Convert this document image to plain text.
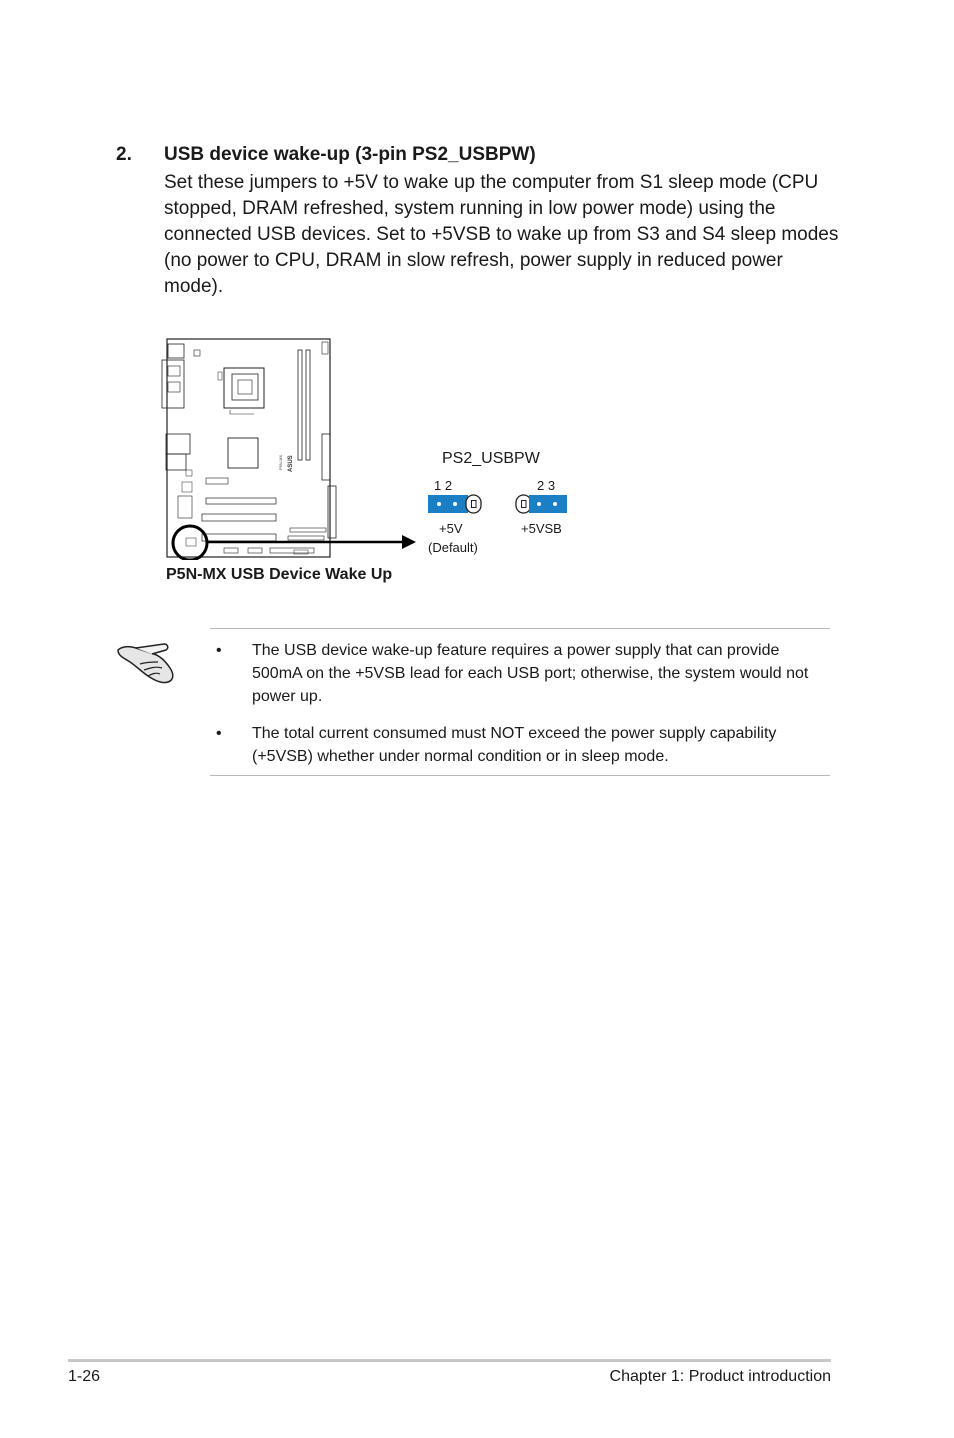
2. USB device wake-up (3-pin PS2_USBPW)
Set these jumpers to +5V to wake up the computer from S1 sleep mode (CPU stopped, DRAM refreshed, system running in low power mode) using the connected USB devices. Set to +5VSB to wake up from S3 and S4 sleep modes (no power to CPU, DRAM in slow refresh, power supply in reduced power mode).
P5N-MX ASUS	PS2_USBPW
1 2	2 3
+5V
(Default)
+5VSB
P5N-MX USB Device Wake Up
• The USB device wake-up feature requires a power supply that can provide 500mA on the +5VSB lead for each USB port; otherwise, the system would not power up.
• The total current consumed must NOT exceed the power supply capability (+5VSB) whether under normal condition or in sleep mode.
1-26	Chapter 1: Product introduction
